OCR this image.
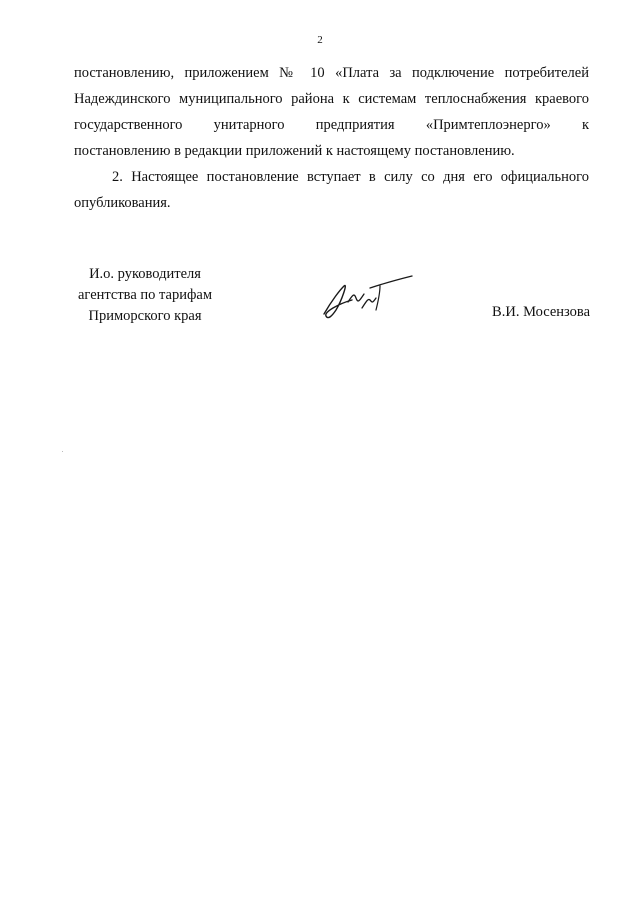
2
постановлению, приложением № 10 «Плата за подключение потребителей
Надеждинского муниципального района к системам теплоснабжения краевого
государственного унитарного предприятия «Примтеплоэнерго» к
постановлению в редакции приложений к настоящему постановлению.
2. Настоящее постановление вступает в силу со дня его официального
опубликования.
И.о. руководителя
агентства по тарифам
Приморского края	В.И. Мосензова
